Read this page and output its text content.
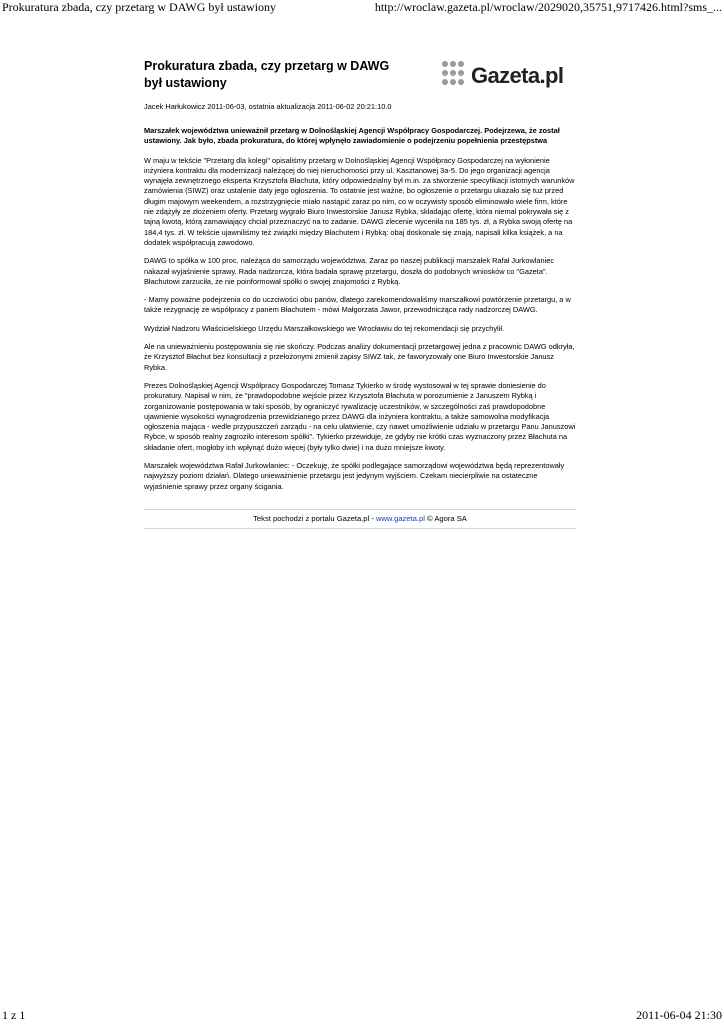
Prokuratura zbada, czy przetarg w DAWG był ustawiony	http://wroclaw.gazeta.pl/wroclaw/2029020,35751,9717426.html?sms_...
Prokuratura zbada, czy przetarg w DAWG był ustawiony	Gazeta.pl
Jacek Harłukowicz 2011-06-03, ostatnia aktualizacja 2011-06-02 20:21:10.0
Marszałek województwa unieważnił przetarg w Dolnośląskiej Agencji Współpracy Gospodarczej. Podejrzewa, że został ustawiony. Jak było, zbada prokuratura, do której wpłynęło zawiadomienie o podejrzeniu popełnienia przestępstwa

W maju w tekście "Przetarg dla kolegi" opisaliśmy przetarg w Dolnośląskiej Agencji Współpracy Gospodarczej na wyłonienie inżyniera kontraktu dla modernizacji należącej do niej nieruchomości przy ul. Kasztanowej 3a-5. Do jego organizacji agencja wynajęła zewnętrznego eksperta Krzysztofa Błachuta, który odpowiedzialny był m.in. za stworzenie specyfikacji istotnych warunków zamówienia (SIWZ) oraz ustalenie daty jego ogłoszenia. To ostatnie jest ważne, bo ogłoszenie o przetargu ukazało się tuż przed długim majowym weekendem, a rozstrzygnięcie miało nastąpić zaraz po nim, co w oczywisty sposób eliminowało wiele firm, które nie zdążyły ze złożeniem oferty. Przetarg wygrało Biuro Inwestorskie Janusz Rybka, składając ofertę, która niemal pokrywała się z tajną kwotą, którą zamawiający chciał przeznaczyć na to zadanie. DAWG zlecenie wyceniła na 185 tys. zł, a Rybka swoją ofertę na 184,4 tys. zł. W tekście ujawniliśmy też związki między Błachutem i Rybką: obaj doskonale się znają, napisali kilka książek, a na dodatek współpracują zawodowo.

DAWG to spółka w 100 proc. należąca do samorządu województwa. Zaraz po naszej publikacji marszałek Rafał Jurkowlaniec nakazał wyjaśnienie sprawy. Rada nadzorcza, która badała sprawę przetargu, doszła do podobnych wniosków co "Gazeta". Błachutowi zarzuciła, że nie poinformował spółki o swojej znajomości z Rybką.

- Mamy poważne podejrzenia co do uczciwości obu panów, dlatego zarekomendowaliśmy marszałkowi powtórzenie przetargu, a w także rezygnację ze współpracy z panem Błachutem - mówi Małgorzata Jawor, przewodnicząca rady nadzorczej DAWG.

Wydział Nadzoru Właścicielskiego Urzędu Marszałkowskiego we Wrocławiu do tej rekomendacji się przychylił.

Ale na unieważnieniu postępowania się nie skończy. Podczas analizy dokumentacji przetargowej jedna z pracownic DAWG odkryła, że Krzysztof Błachut bez konsultacji z przełożonymi zmienił zapisy SIWZ tak, że faworyzowały one Biuro Inwestorskie Janusz Rybka.

Prezes Dolnośląskiej Agencji Współpracy Gospodarczej Tomasz Tykierko w środę wystosował w tej sprawie doniesienie do prokuratury. Napisał w nim, że "prawdopodobne wejście przez Krzysztofa Błachuta w porozumienie z Januszem Rybką i zorganizowanie postępowania w taki sposób, by ograniczyć rywalizację uczestników, w szczególności zaś prawdopodobne ujawnienie wysokości wynagrodzenia przewidzianego przez DAWG dla inżyniera kontraktu, a także samowolna modyfikacja ogłoszenia mająca - wedle przypuszczeń zarządu - na celu ułatwienie, czy nawet umożliwienie udziału w przetargu Panu Januszowi Rybce, w sposób realny zagroziło interesom spółki". Tykierko przewiduje, że gdyby nie krótki czas wyznaczony przez Błachuta na składanie ofert, mogłoby ich wpłynąć dużo więcej (były tylko dwie) i na dużo mniejsze kwoty.

Marszałek województwa Rafał Jurkowlaniec: - Oczekuję, że spółki podlegające samorządowi województwa będą reprezentowały najwyższy poziom działań. Dlatego unieważnienie przetargu jest jedynym wyjściem. Czekam niecierpliwie na ostateczne wyjaśnienie sprawy przez organy ścigania.

Tekst pochodzi z portalu Gazeta.pl - www.gazeta.pl © Agora SA
1 z 1	2011-06-04 21:30
